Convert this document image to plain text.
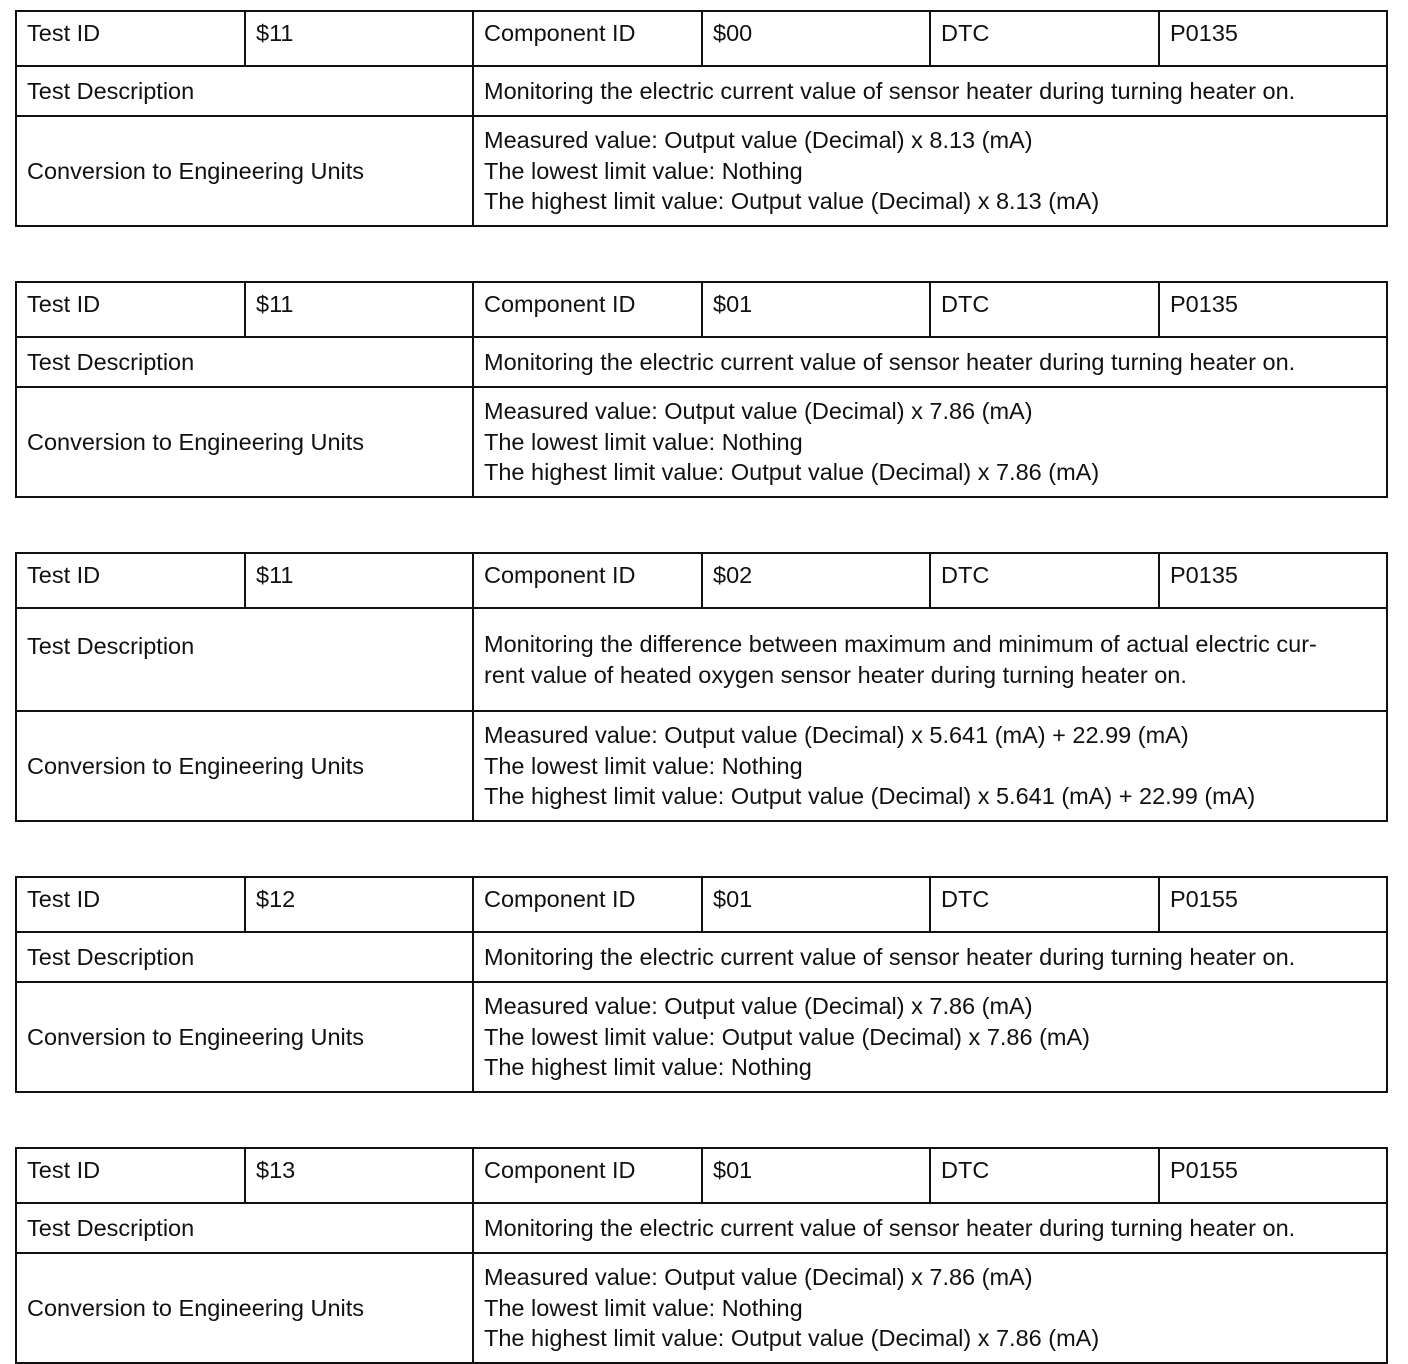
Test ID	$11	Component ID	$00	DTC	P0135
Test Description		Monitoring the electric current value of sensor heater during turning heater on.			
Conversion to Engineering Units		Measured value: Output value (Decimal) x 8.13 (mA)
The lowest limit value: Nothing
The highest limit value: Output value (Decimal) x 8.13 (mA)			
Test ID	$11	Component ID	$01	DTC	P0135
Test Description		Monitoring the electric current value of sensor heater during turning heater on.			
Conversion to Engineering Units		Measured value: Output value (Decimal) x 7.86 (mA)
The lowest limit value: Nothing
The highest limit value: Output value (Decimal) x 7.86 (mA)			
Test ID	$11	Component ID	$02	DTC	P0135
Test Description		Monitoring the difference between maximum and minimum of actual electric cur-
rent value of heated oxygen sensor heater during turning heater on.			

Conversion to Engineering Units		Measured value: Output value (Decimal) x 5.641 (mA) + 22.99 (mA)
The lowest limit value: Nothing
The highest limit value: Output value (Decimal) x 5.641 (mA) + 22.99 (mA)			
Test ID	$12	Component ID	$01	DTC	P0155
Test Description		Monitoring the electric current value of sensor heater during turning heater on.			
Conversion to Engineering Units		Measured value: Output value (Decimal) x 7.86 (mA)
The lowest limit value: Output value (Decimal) x 7.86 (mA)
The highest limit value: Nothing			
Test ID	$13	Component ID	$01	DTC	P0155
Test Description		Monitoring the electric current value of sensor heater during turning heater on.			
Conversion to Engineering Units		Measured value: Output value (Decimal) x 7.86 (mA)
The lowest limit value: Nothing
The highest limit value: Output value (Decimal) x 7.86 (mA)			
